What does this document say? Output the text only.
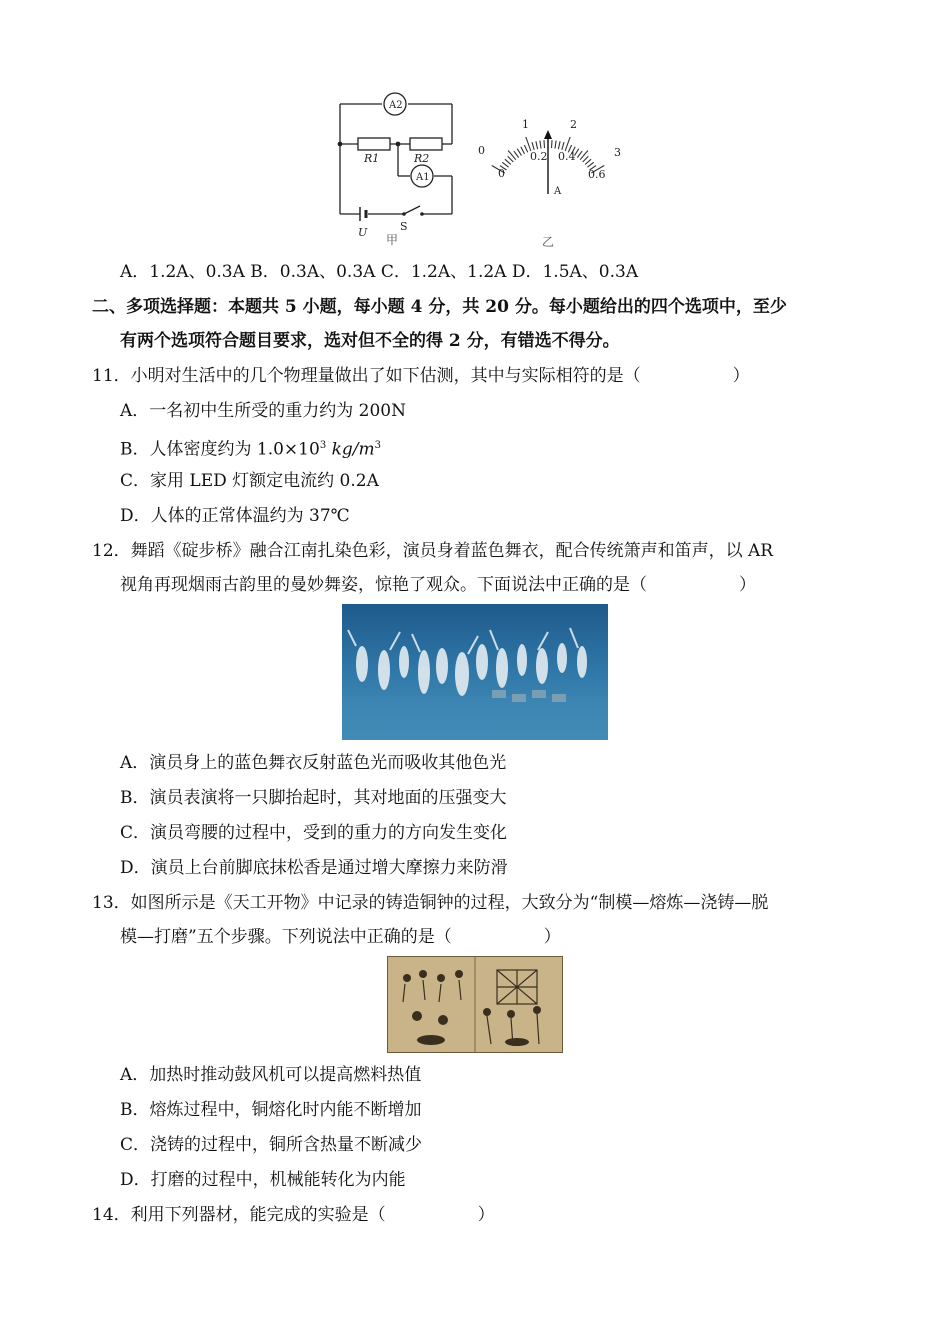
A2
A1
R1	R2
U	S
甲
0
1	2
3
0
0.2 0.4
0.6
A
乙
A．1.2A、0.3A B．0.3A、0.3A C．1.2A、1.2A D．1.5A、0.3A
二、多项选择题：本题共 5 小题，每小题 4 分，共 20 分。每小题给出的四个选项中，至少
有两个选项符合题目要求，选对但不全的得 2 分，有错选不得分。
11．小明对生活中的几个物理量做出了如下估测，其中与实际相符的是（	）
A．一名初中生所受的重力约为 200N
B．人体密度约为 $1.0\times 10^3$ $kg/m^3$
C．家用 LED 灯额定电流约 0.2A
D．人体的正常体温约为 37℃
12．舞蹈《碇步桥》融合江南扎染色彩，演员身着蓝色舞衣，配合传统箫声和笛声，以 AR
视角再现烟雨古韵里的曼妙舞姿，惊艳了观众。下面说法中正确的是（	）
A．演员身上的蓝色舞衣反射蓝色光而吸收其他色光
B．演员表演将一只脚抬起时，其对地面的压强变大
C．演员弯腰的过程中，受到的重力的方向发生变化
D．演员上台前脚底抹松香是通过增大摩擦力来防滑
13．如图所示是《天工开物》中记录的铸造铜钟的过程，大致分为“制模—熔炼—浇铸—脱
模—打磨”五个步骤。下列说法中正确的是（	）
A．加热时推动鼓风机可以提高燃料热值
B．熔炼过程中，铜熔化时内能不断增加
C．浇铸的过程中，铜所含热量不断减少
D．打磨的过程中，机械能转化为内能
14．利用下列器材，能完成的实验是（	）
